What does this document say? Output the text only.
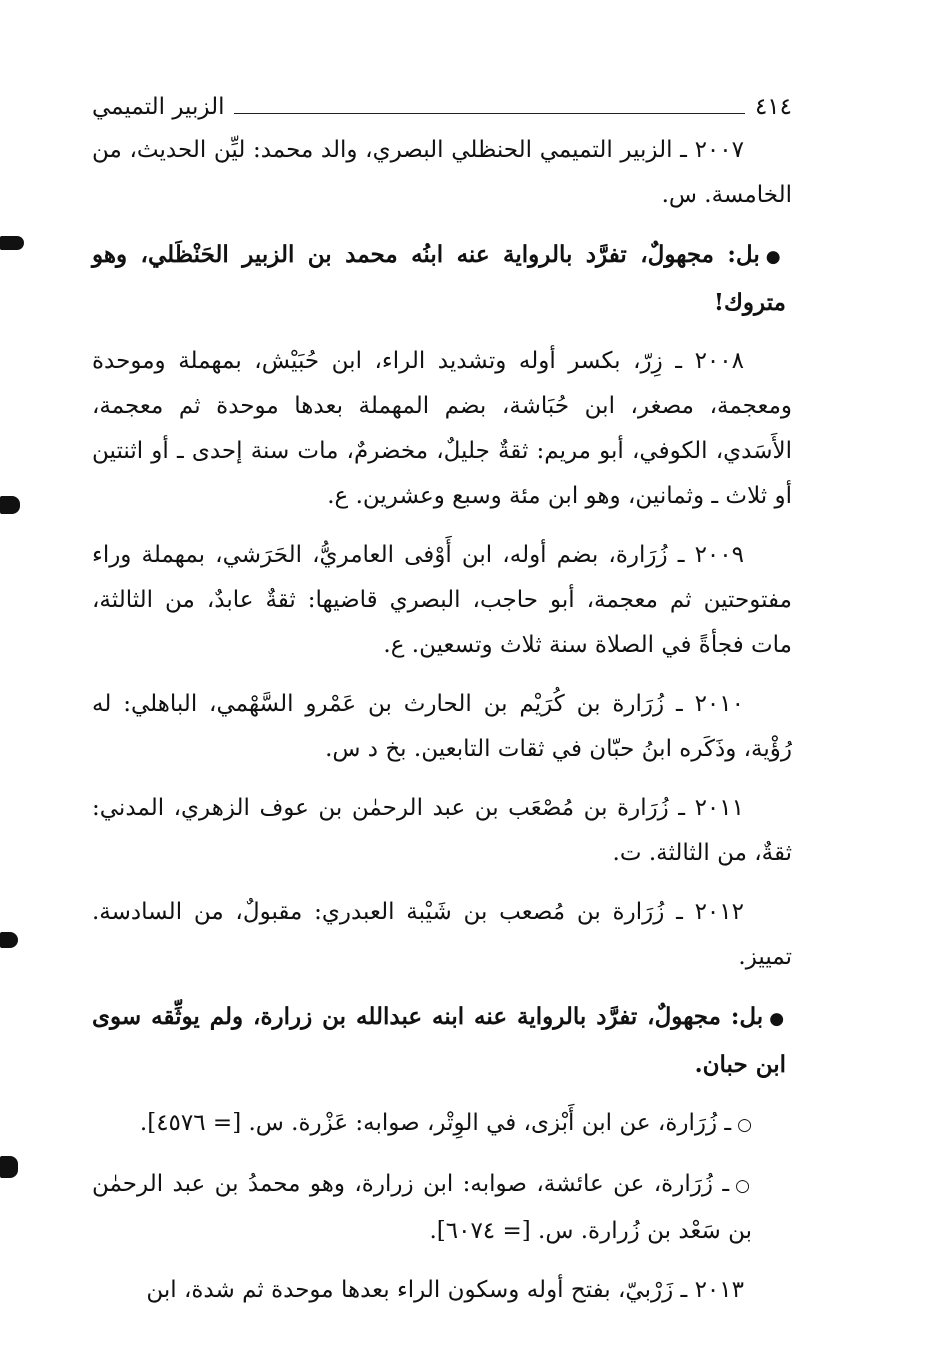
٤١٤
الزبير التميمي

٢٠٠٧ ـ الزبير التميمي الحنظلي البصري، والد محمد: ليِّن الحديث، من الخامسة. س.

●بل: مجهولٌ، تفرَّد بالرواية عنه ابنُه محمد بن الزبير الحَنْظَلي، وهو متروك!

٢٠٠٨ ـ زِرّ، بكسر أوله وتشديد الراء، ابن حُبَيْش، بمهملة وموحدة ومعجمة، مصغر، ابن حُبَاشة، بضم المهملة بعدها موحدة ثم معجمة، الأَسَدي، الكوفي، أبو مريم: ثقةٌ جليلٌ، مخضرمٌ، مات سنة إحدى ـ أو اثنتين أو ثلاث ـ وثمانين، وهو ابن مئة وسبع وعشرين. ع.

٢٠٠٩ ـ زُرَارة، بضم أوله، ابن أَوْفى العامريُّ، الحَرَشي، بمهملة وراء مفتوحتين ثم معجمة، أبو حاجب، البصري قاضيها: ثقةٌ عابدٌ، من الثالثة، مات فجأةً في الصلاة سنة ثلاث وتسعين. ع.

٢٠١٠ ـ زُرَارة بن كُرَيْم بن الحارث بن عَمْرو السَّهْمي، الباهلي: له رُؤْية، وذَكَره ابنُ حبّان في ثقات التابعين. بخ د س.

٢٠١١ ـ زُرَارة بن مُصْعَب بن عبد الرحمٰن بن عوف الزهري، المدني: ثقةٌ، من الثالثة. ت.

٢٠١٢ ـ زُرَارة بن مُصعب بن شَيْبة العبدري: مقبولٌ، من السادسة. تمييز.

●بل: مجهولٌ، تفرَّد بالرواية عنه ابنه عبدالله بن زرارة، ولم يوثِّقه سوى ابن حبان.

○ـ زُرَارة، عن ابن أَبْزى، في الوِتْر، صوابه: عَزْرة. س. [= ٤٥٧٦].

○ـ زُرَارة، عن عائشة، صوابه: ابن زرارة، وهو محمدُ بن عبد الرحمٰن بن سَعْد بن زُرارة. س. [= ٦٠٧٤].

٢٠١٣ ـ زَرْبيّ، بفتح أوله وسكون الراء بعدها موحدة ثم شدة، ابن
